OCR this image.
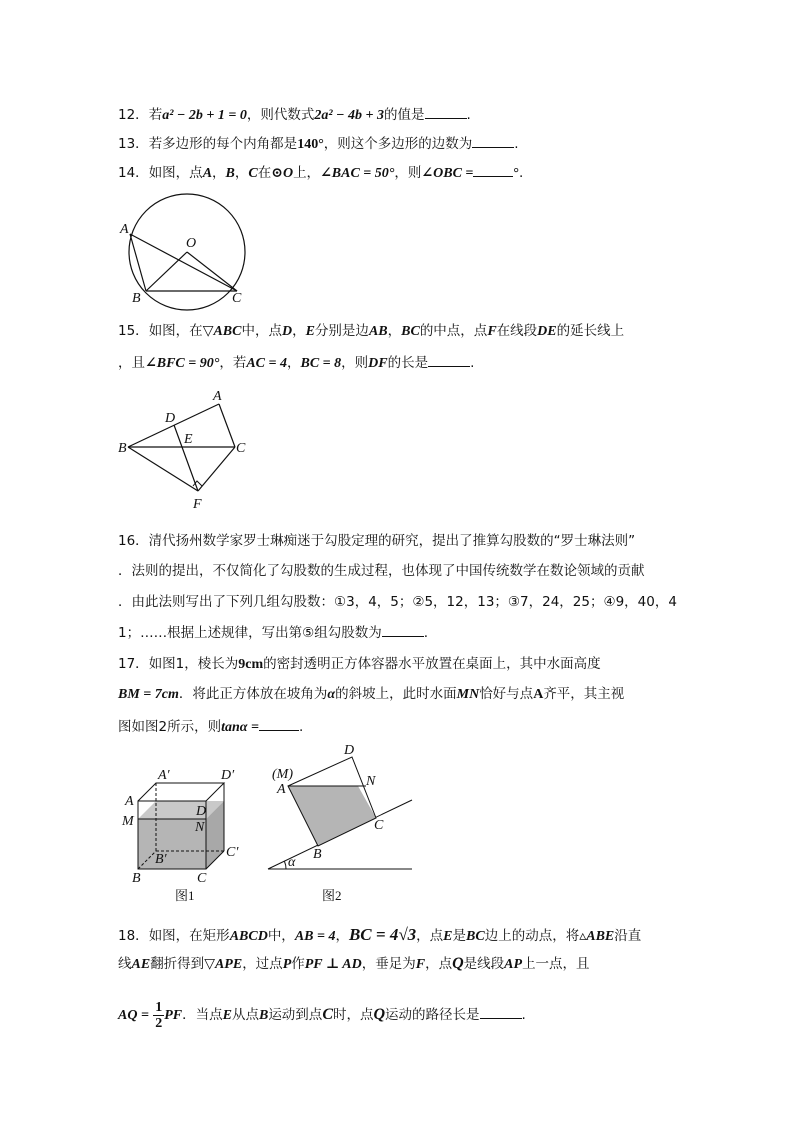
12．若a² − 2b + 1 = 0，则代数式2a² − 4b + 3的值是	.
13．若多边形的每个内角都是140°，则这个多边形的边数为	.
14．如图，点A，B，C在⊙O上，∠BAC = 50°，则∠OBC =	°.
A
O
B	C
15．如图，在▽ABC中，点D，E分别是边AB，BC的中点，点F在线段DE的延长线上
，且∠BFC = 90°，若AC = 4，BC = 8，则DF的长是	.
A
D
B
E
C
F
16．清代扬州数学家罗士琳痴迷于勾股定理的研究，提出了推算勾股数的“罗士琳法则”
．法则的提出，不仅简化了勾股数的生成过程，也体现了中国传统数学在数论领域的贡献
．由此法则写出了下列几组勾股数：①3，4，5；②5，12，13；③7，24，25；④9，40，4
1；……根据上述规律，写出第⑤组勾股数为	.
17．如图1，棱长为9cm的密封透明正方体容器水平放置在桌面上，其中水面高度
BM = 7cm．将此正方体放在坡角为α的斜坡上，此时水面MN恰好与点A齐平，其主视
图如图2所示，则tanα =	.
A′	D′
A
D
M	N
B′	C′
B	C
图1
D
(M)
A
N
C
B
α
图2
18．如图，在矩形ABCD中，AB = 4，BC = 4√3，点E是BC边上的动点，将▵ABE沿直
线AE翻折得到▽APE，过点P作PF ⊥ AD，垂足为F，点Q是线段AP上一点，且
AQ = $\frac{1}{2}$ PF．当点E从点B运动到点C时，点Q运动的路径长是	.
